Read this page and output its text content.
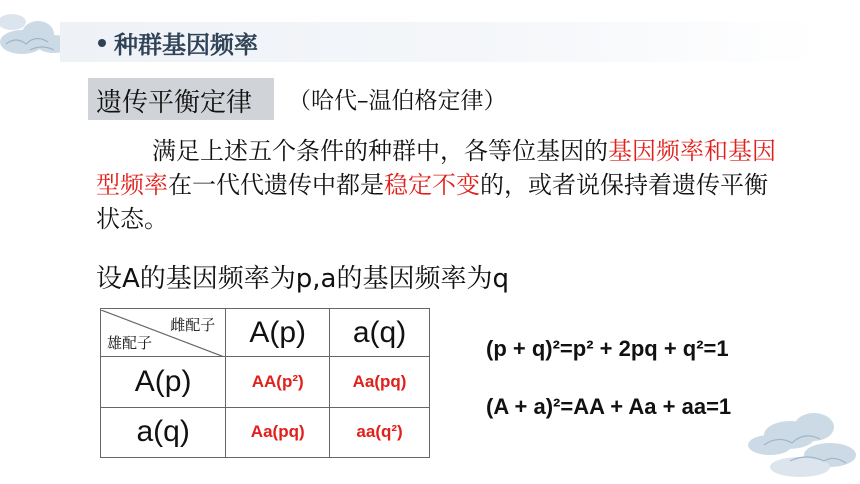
种群基因频率
遗传平衡定律 （哈代–温伯格定律）
满足上述五个条件的种群中，各等位基因的基因频率和基因型频率在一代代遗传中都是稳定不变的，或者说保持着遗传平衡状态。
设A的基因频率为p,a的基因频率为q
雌配子
雄配子	A(p)	a(q)
A(p)	AA(p²)	Aa(pq)
a(q)	Aa(pq)	aa(q²)
(p + q)²=p² + 2pq + q²=1
(A + a)²=AA + Aa + aa=1
